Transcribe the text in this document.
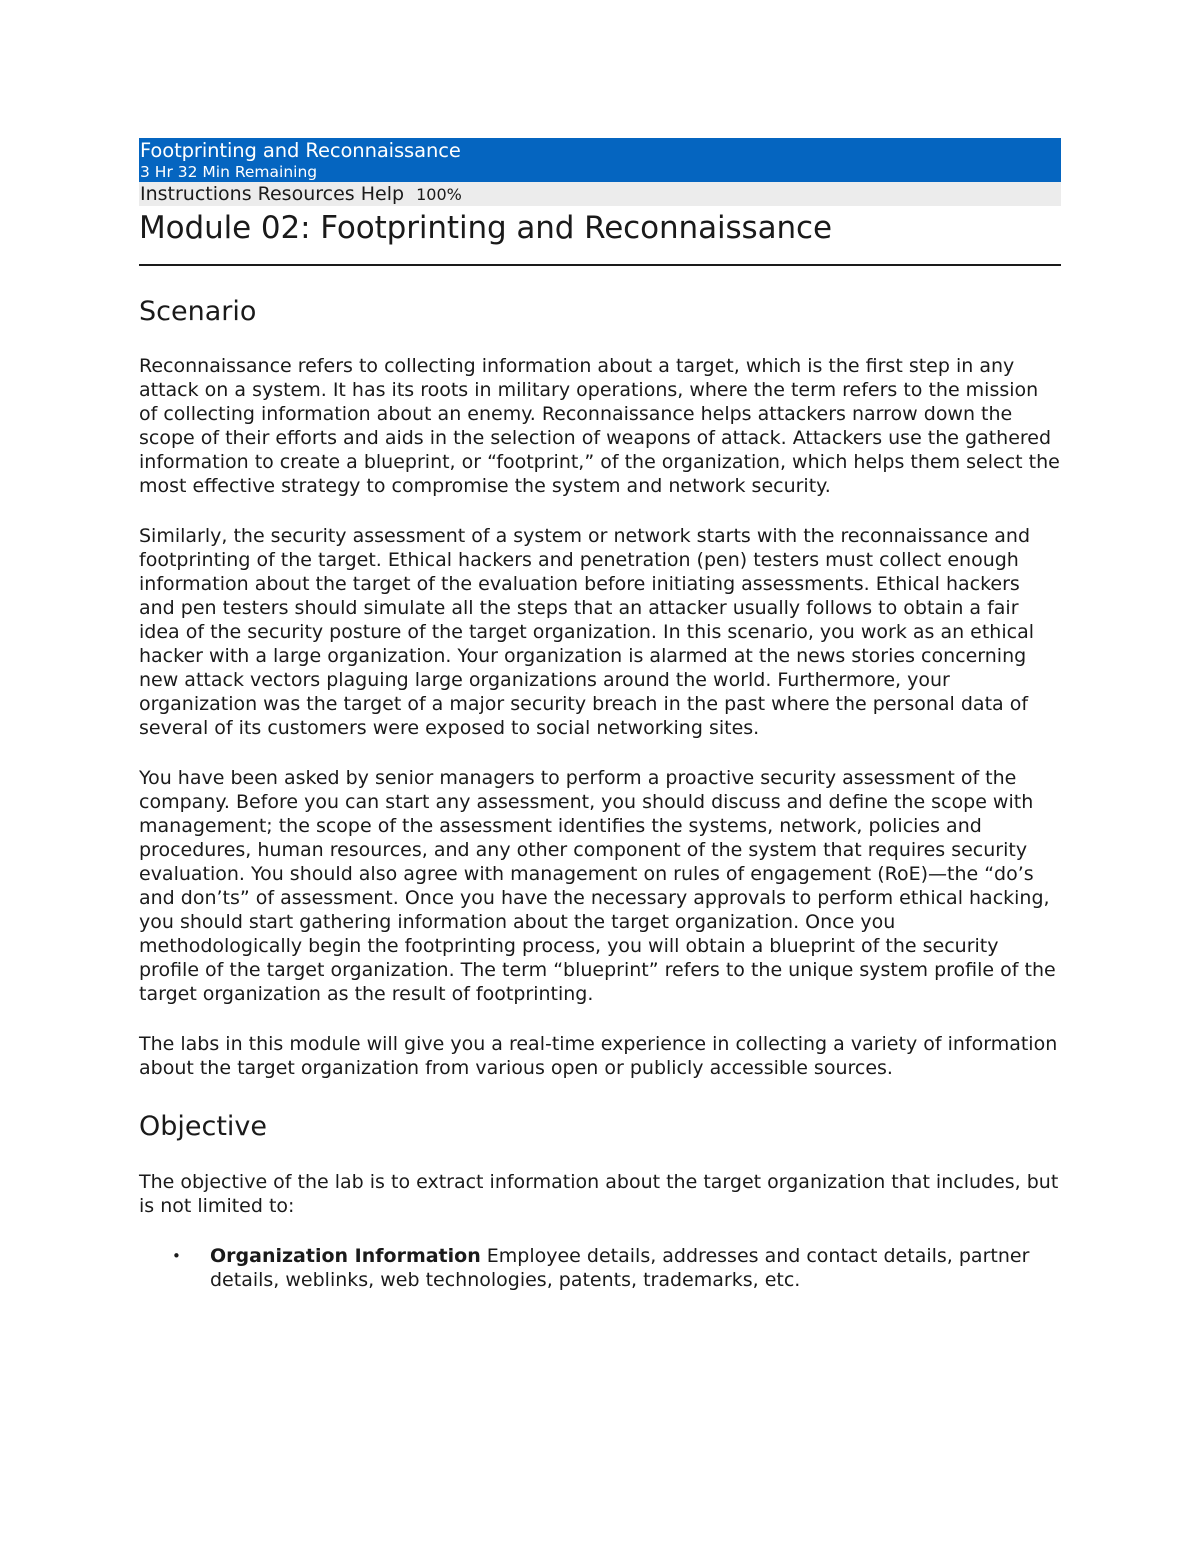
Footprinting and Reconnaissance
3 Hr 32 Min Remaining
Instructions Resources Help 100%
Module 02: Footprinting and Reconnaissance
Scenario

Reconnaissance refers to collecting information about a target, which is the first step in any attack on a system. It has its roots in military operations, where the term refers to the mission of collecting information about an enemy. Reconnaissance helps attackers narrow down the scope of their efforts and aids in the selection of weapons of attack. Attackers use the gathered information to create a blueprint, or “footprint,” of the organization, which helps them select the most effective strategy to compromise the system and network security.

Similarly, the security assessment of a system or network starts with the reconnaissance and footprinting of the target. Ethical hackers and penetration (pen) testers must collect enough information about the target of the evaluation before initiating assessments. Ethical hackers and pen testers should simulate all the steps that an attacker usually follows to obtain a fair idea of the security posture of the target organization. In this scenario, you work as an ethical hacker with a large organization. Your organization is alarmed at the news stories concerning new attack vectors plaguing large organizations around the world. Furthermore, your organization was the target of a major security breach in the past where the personal data of several of its customers were exposed to social networking sites.

You have been asked by senior managers to perform a proactive security assessment of the company. Before you can start any assessment, you should discuss and define the scope with management; the scope of the assessment identifies the systems, network, policies and procedures, human resources, and any other component of the system that requires security evaluation. You should also agree with management on rules of engagement (RoE)—the “do’s and don’ts” of assessment. Once you have the necessary approvals to perform ethical hacking, you should start gathering information about the target organization. Once you methodologically begin the footprinting process, you will obtain a blueprint of the security profile of the target organization. The term “blueprint” refers to the unique system profile of the target organization as the result of footprinting.

The labs in this module will give you a real-time experience in collecting a variety of information about the target organization from various open or publicly accessible sources.

Objective

The objective of the lab is to extract information about the target organization that includes, but is not limited to:

• Organization Information Employee details, addresses and contact details, partner details, weblinks, web technologies, patents, trademarks, etc.
